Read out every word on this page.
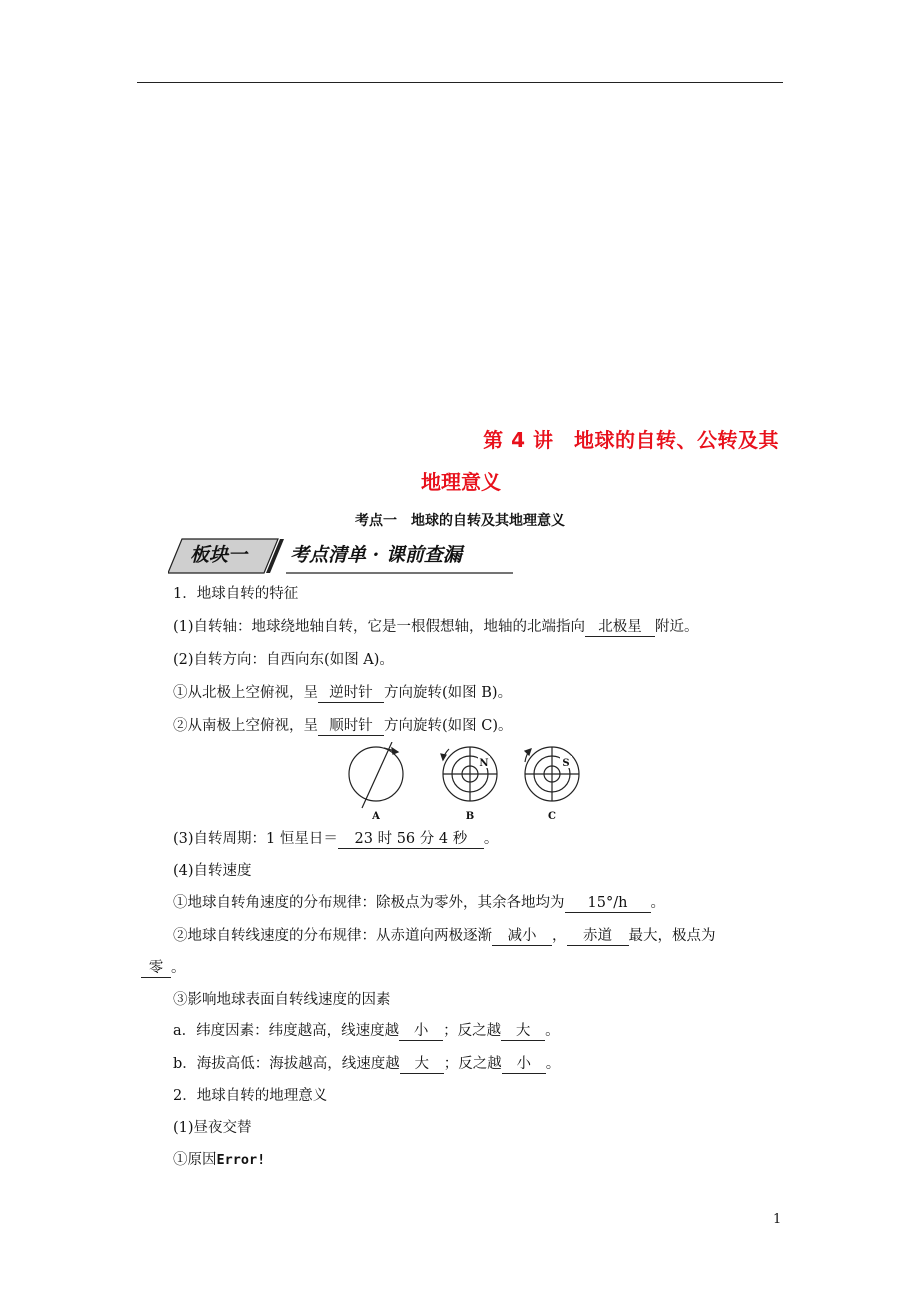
第 4 讲　地球的自转、公转及其
地理意义
考点一　地球的自转及其地理意义
板块一 考点清单 · 课前查漏
1．地球自转的特征
(1)自转轴：地球绕地轴自转，它是一根假想轴，地轴的北端指向 北极星 附近。
(2)自转方向：自西向东(如图 A)。
①从北极上空俯视，呈 逆时针 方向旋转(如图 B)。
②从南极上空俯视，呈 顺时针 方向旋转(如图 C)。
N	S
A	B	C
(3)自转周期：1 恒星日＝ 23 时 56 分 4 秒 。
(4)自转速度
①地球自转角速度的分布规律：除极点为零外，其余各地均为 15°/h 。
②地球自转线速度的分布规律：从赤道向两极逐渐 减小 ， 赤道 最大，极点为
零 。
③影响地球表面自转线速度的因素
a．纬度因素：纬度越高，线速度越 小 ；反之越 大 。
b．海拔高低：海拔越高，线速度越 大 ；反之越 小 。
2．地球自转的地理意义
(1)昼夜交替
①原因Error!
1
